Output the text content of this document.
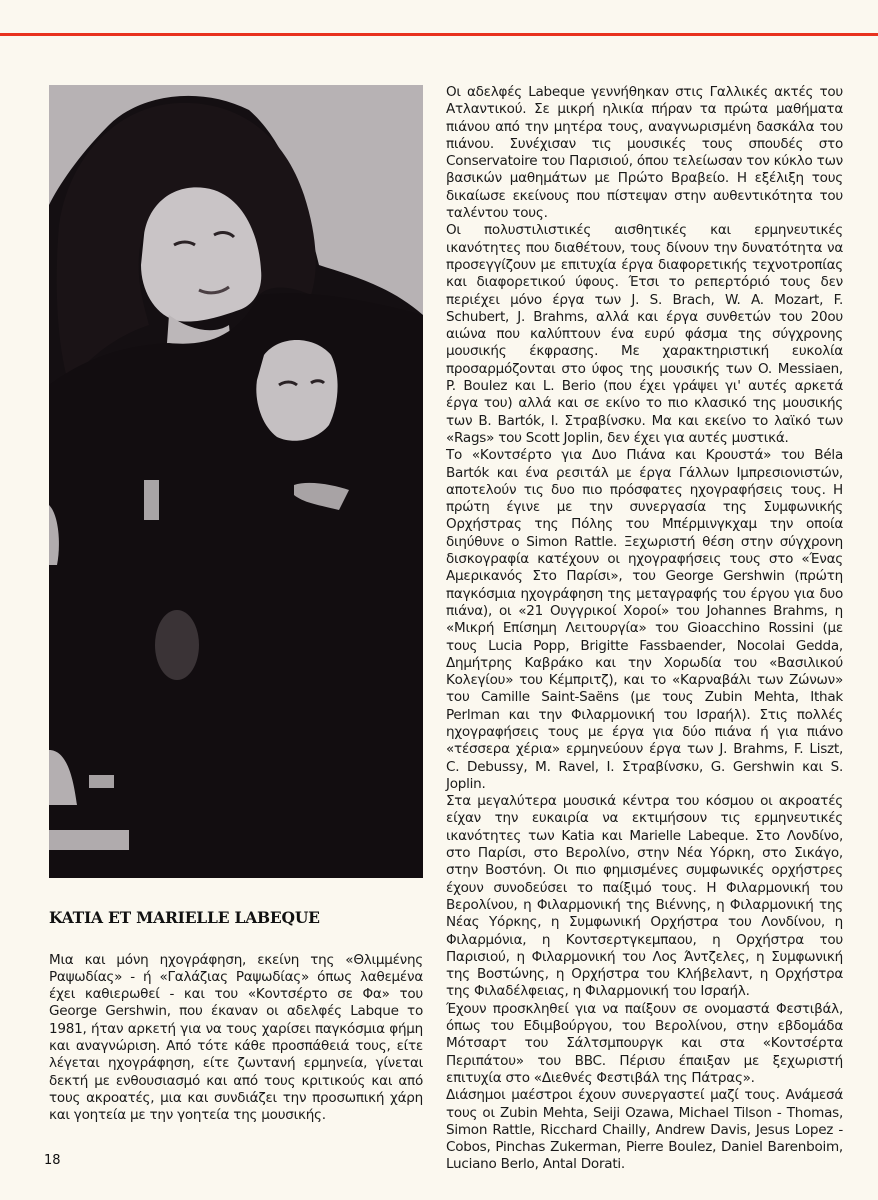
Οι αδελφές Labeque γεννήθηκαν στις Γαλλικές ακτές του Ατλαντικού. Σε μικρή ηλικία πήραν τα πρώτα μαθήματα πιάνου από την μητέρα τους, αναγνωρισμένη δασκάλα του πιάνου. Συνέχισαν τις μουσικές τους σπουδές στο Conservatoire του Παρισιού, όπου τελείωσαν τον κύκλο των βασικών μαθημάτων με Πρώτο Βραβείο. Η εξέλιξη τους δικαίωσε εκείνους που πίστεψαν στην αυθεντικότητα του ταλέντου τους.

Οι πολυστιλιστικές αισθητικές και ερμηνευτικές ικανότητες που διαθέτουν, τους δίνουν την δυνατότητα να προσεγγίζουν με επιτυχία έργα διαφορετικής τεχνοτροπίας και διαφορετικού ύφους. Έτσι το ρεπερτόριό τους δεν περιέχει μόνο έργα των J. S. Brach, W. A. Mozart, F. Schubert, J. Brahms, αλλά και έργα συνθετών του 20ου αιώνα που καλύπτουν ένα ευρύ φάσμα της σύγχρονης μουσικής έκφρασης. Με χαρακτηριστική ευκολία προσαρμόζονται στο ύφος της μουσικής των O. Messiaen, P. Boulez και L. Berio (που έχει γράψει γι' αυτές αρκετά έργα του) αλλά και σε εκίνο το πιο κλασικό της μουσικής των B. Bartók, I. Στραβίνσκυ. Μα και εκείνο το λαϊκό των «Rags» του Scott Joplin, δεν έχει για αυτές μυστικά.

Το «Κοντσέρτο για Δυο Πιάνα και Κρουστά» του Béla Bartók και ένα ρεσιτάλ με έργα Γάλλων Ιμπρεσιονιστών, αποτελούν τις δυο πιο πρόσφατες ηχογραφήσεις τους. Η πρώτη έγινε με την συνεργασία της Συμφωνικής Ορχήστρας της Πόλης του Μπέρμινγκχαμ την οποία διηύθυνε ο Simon Rattle. Ξεχωριστή θέση στην σύγχρονη δισκογραφία κατέχουν οι ηχογραφήσεις τους στο «Ένας Αμερικανός Στο Παρίσι», του George Gershwin (πρώτη παγκόσμια ηχογράφηση της μεταγραφής του έργου για δυο πιάνα), οι «21 Ουγγρικοί Χοροί» του Johannes Brahms, η «Μικρή Επίσημη Λειτουργία» του Gioacchino Rossini (με τους Lucia Popp, Brigitte Fassbaender, Nocolai Gedda, Δημήτρης Καβράκο και την Χορωδία του «Βασιλικού Κολεγίου» του Κέμπριτζ), και το «Καρναβάλι των Ζώνων» του Camille Saint-Saëns (με τους Zubin Mehta, Ithak Perlman και την Φιλαρμονική του Ισραήλ). Στις πολλές ηχογραφήσεις τους με έργα για δύο πιάνα ή για πιάνο «τέσσερα χέρια» ερμηνεύουν έργα των J. Brahms, F. Liszt, C. Debussy, M. Ravel, I. Στραβίνσκυ, G. Gershwin και S. Joplin.

Στα μεγαλύτερα μουσικά κέντρα του κόσμου οι ακροατές είχαν την ευκαιρία να εκτιμήσουν τις ερμηνευτικές ικανότητες των Katia και Marielle Labeque. Στο Λονδίνο, στο Παρίσι, στο Βερολίνο, στην Νέα Υόρκη, στο Σικάγο, στην Βοστόνη. Οι πιο φημισμένες συμφωνικές ορχήστρες έχουν συνοδεύσει το παίξιμό τους. Η Φιλαρμονική του Βερολίνου, η Φιλαρμονική της Βιέννης, η Φιλαρμονική της Νέας Υόρκης, η Συμφωνική Ορχήστρα του Λονδίνου, η Φιλαρμόνια, η Κοντσερτγκεμπαου, η Ορχήστρα του Παρισιού, η Φιλαρμονική του Λος Άντζελες, η Συμφωνική της Βοστώνης, η Ορχήστρα του Κλήβελαντ, η Ορχήστρα της Φιλαδέλφειας, η Φιλαρμονική του Ισραήλ.

Έχουν προσκληθεί για να παίξουν σε ονομαστά Φεστιβάλ, όπως του Εδιμβούργου, του Βερολίνου, στην εβδομάδα Μότσαρτ του Σάλτσμπουργκ και στα «Κοντσέρτα Περιπάτου» του BBC. Πέρισυ έπαιξαν με ξεχωριστή επιτυχία στο «Διεθνές Φεστιβάλ της Πάτρας».

Διάσημοι μαέστροι έχουν συνεργαστεί μαζί τους. Ανάμεσά τους οι Zubin Mehta, Seiji Ozawa, Michael Tilson - Thomas, Simon Rattle, Ricchard Chailly, Andrew Davis, Jesus Lopez - Cobos, Pinchas Zukerman, Pierre Boulez, Daniel Barenboim, Luciano Berlo, Antal Dorati.

KATIA ET MARIELLE LABEQUE

Μια και μόνη ηχογράφηση, εκείνη της «Θλιμμένης Ραψωδίας» - ή «Γαλάζιας Ραψωδίας» όπως λαθεμένα έχει καθιερωθεί - και του «Κοντσέρτο σε Φα» του George Gershwin, που έκαναν οι αδελφές Labque το 1981, ήταν αρκετή για να τους χαρίσει παγκόσμια φήμη και αναγνώριση. Από τότε κάθε προσπάθειά τους, είτε λέγεται ηχογράφηση, είτε ζωντανή ερμηνεία, γίνεται δεκτή με ενθουσιασμό και από τους κριτικούς και από τους ακροατές, μια και συνδιάζει την προσωπική χάρη και γοητεία με την γοητεία της μουσικής.

18
